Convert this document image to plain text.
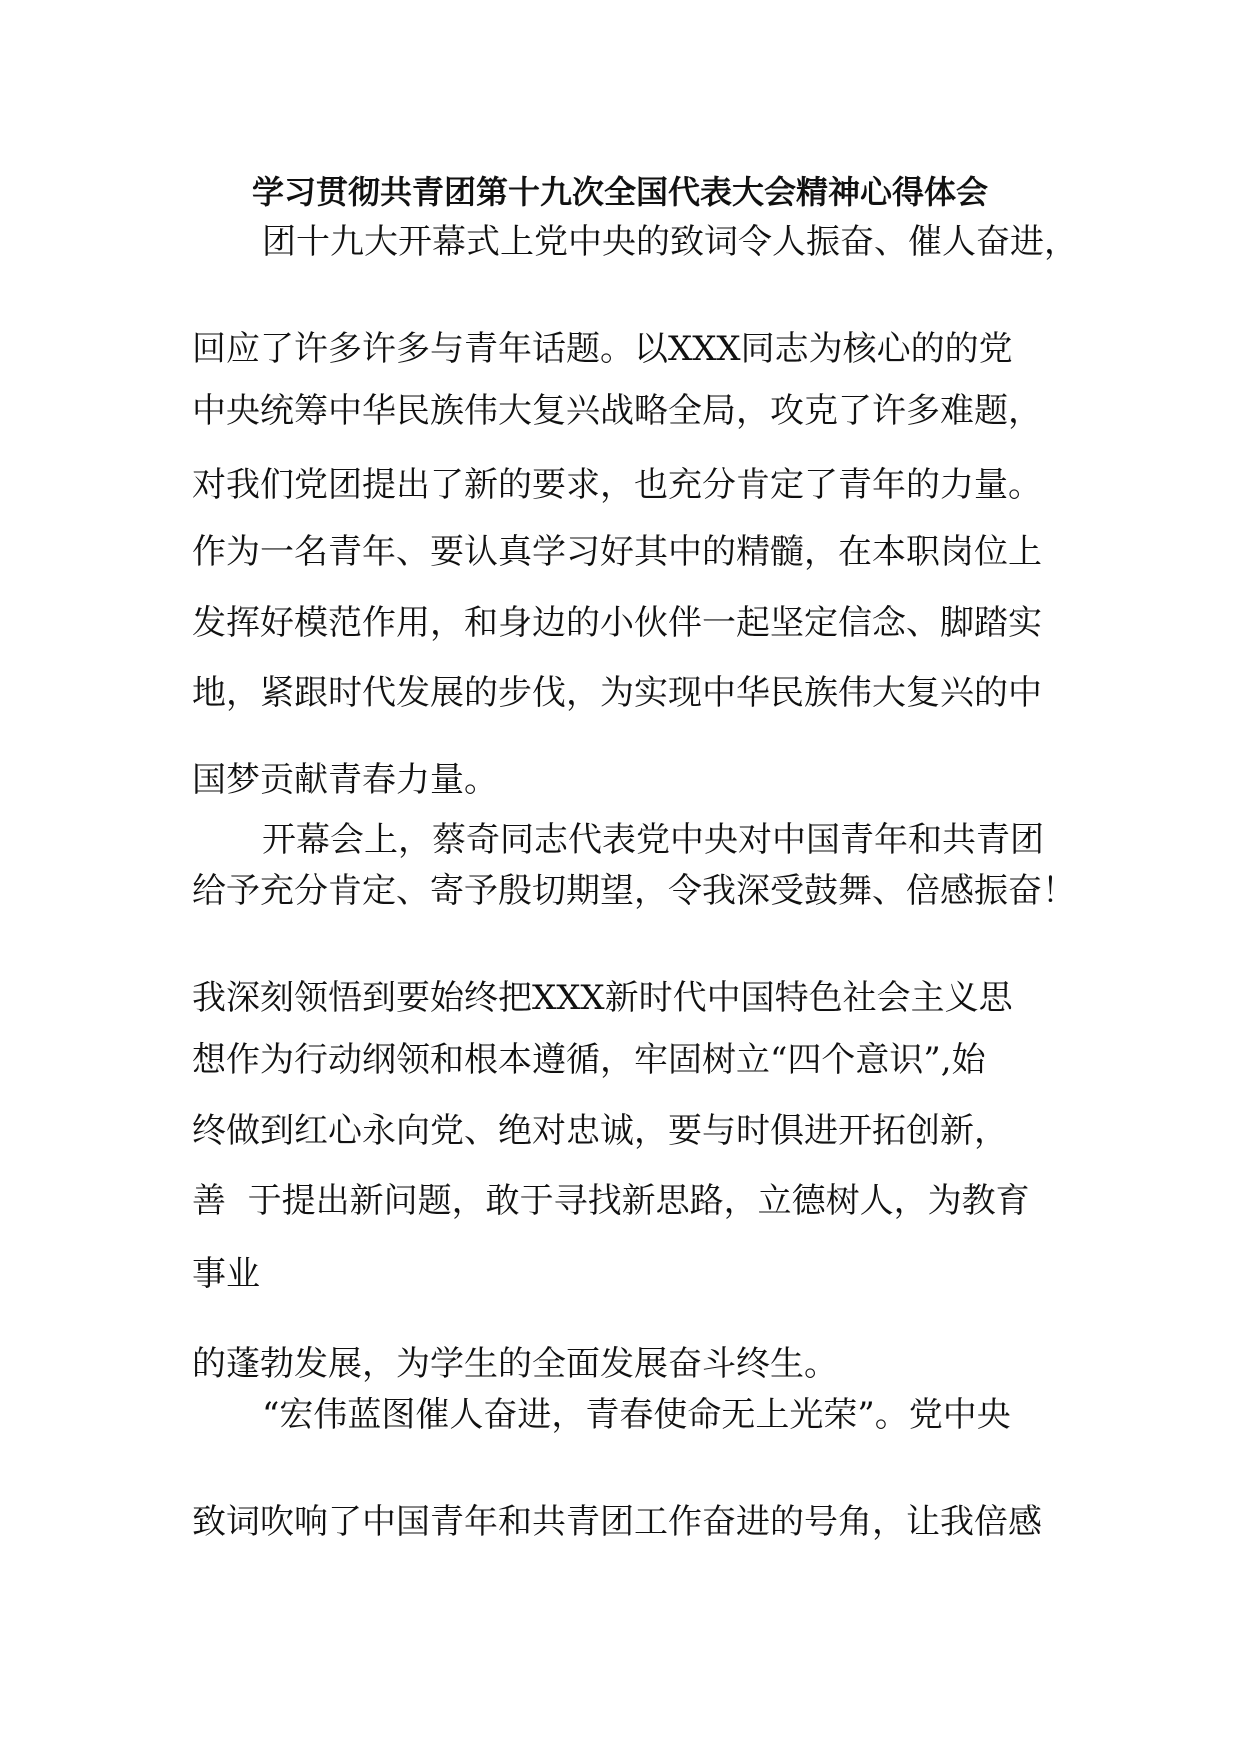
学习贯彻共青团第十九次全国代表大会精神心得体会
团十九大开幕式上党中央的致词令人振奋、催人奋进，
回应了许多许多与青年话题。以XXX同志为核心的的党
中央统筹中华民族伟大复兴战略全局，攻克了许多难题，
对我们党团提出了新的要求，也充分肯定了青年的力量。
作为一名青年、要认真学习好其中的精髓，在本职岗位上
发挥好模范作用，和身边的小伙伴一起坚定信念、脚踏实
地，紧跟时代发展的步伐，为实现中华民族伟大复兴的中
国梦贡献青春力量。
开幕会上，蔡奇同志代表党中央对中国青年和共青团
给予充分肯定、寄予殷切期望，令我深受鼓舞、倍感振奋！
我深刻领悟到要始终把XXX新时代中国特色社会主义思
想作为行动纲领和根本遵循，牢固树立“四个意识”,始
终做到红心永向党、绝对忠诚，要与时俱进开拓创新，
善  于提出新问题，敢于寻找新思路，立德树人，为教育
事业
的蓬勃发展，为学生的全面发展奋斗终生。
“宏伟蓝图催人奋进，青春使命无上光荣”。党中央
致词吹响了中国青年和共青团工作奋进的号角，让我倍感
